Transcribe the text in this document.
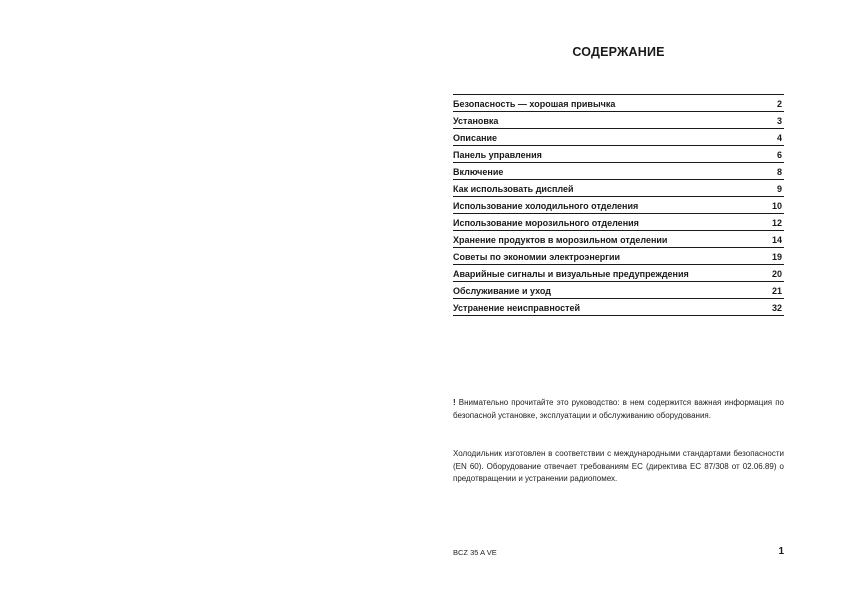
СОДЕРЖАНИЕ
Безопасность — хорошая привычка	2
Установка	3
Описание	4
Панель управления	6
Включение	8
Как использовать дисплей	9
Использование холодильного отделения	10
Использование морозильного отделения	12
Хранение продуктов в морозильном отделении	14
Советы по экономии электроэнергии	19
Аварийные сигналы и визуальные предупреждения	20
Обслуживание и уход	21
Устранение неисправностей	32
! Внимательно прочитайте это руководство: в нем содержится важная информация по безопасной установке, эксплуатации и обслуживанию оборудования.
Холодильник изготовлен в соответствии с международными стандартами безопасности (EN 60). Оборудование отвечает требованиям ЕС (директива ЕС 87/308 от 02.06.89) о предотвращении и устранении радиопомех.
BCZ 35 A VE	1
